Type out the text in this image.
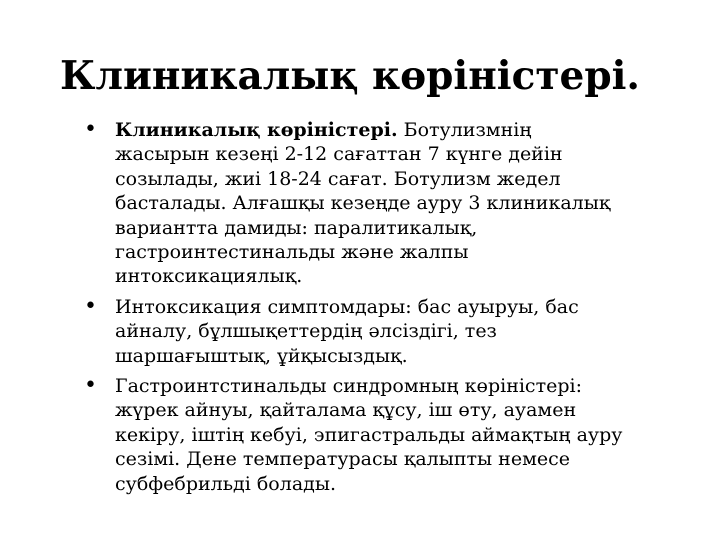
Клиникалық көріністері.
• Клиникалық көріністері. Ботулизмнің жасырын кезеңі 2-12 сағаттан 7 күнге дейін созылады, жиі 18-24 сағат. Ботулизм жедел басталады. Алғашқы кезеңде ауру 3 клиникалық вариантта дамиды: паралитикалық, гастроинтестинальды және жалпы интоксикациялық.
• Интоксикация симптомдары: бас ауыруы, бас айналу, бұлшықеттердің әлсіздігі, тез шаршағыштық, ұйқысыздық.
• Гастроинтстинальды синдромның көріністері: жүрек айнуы, қайталама құсу, іш өту, ауамен кекіру, іштің кебуі, эпигастральды аймақтың ауру сезімі. Дене температурасы қалыпты немесе субфебрильді болады.
